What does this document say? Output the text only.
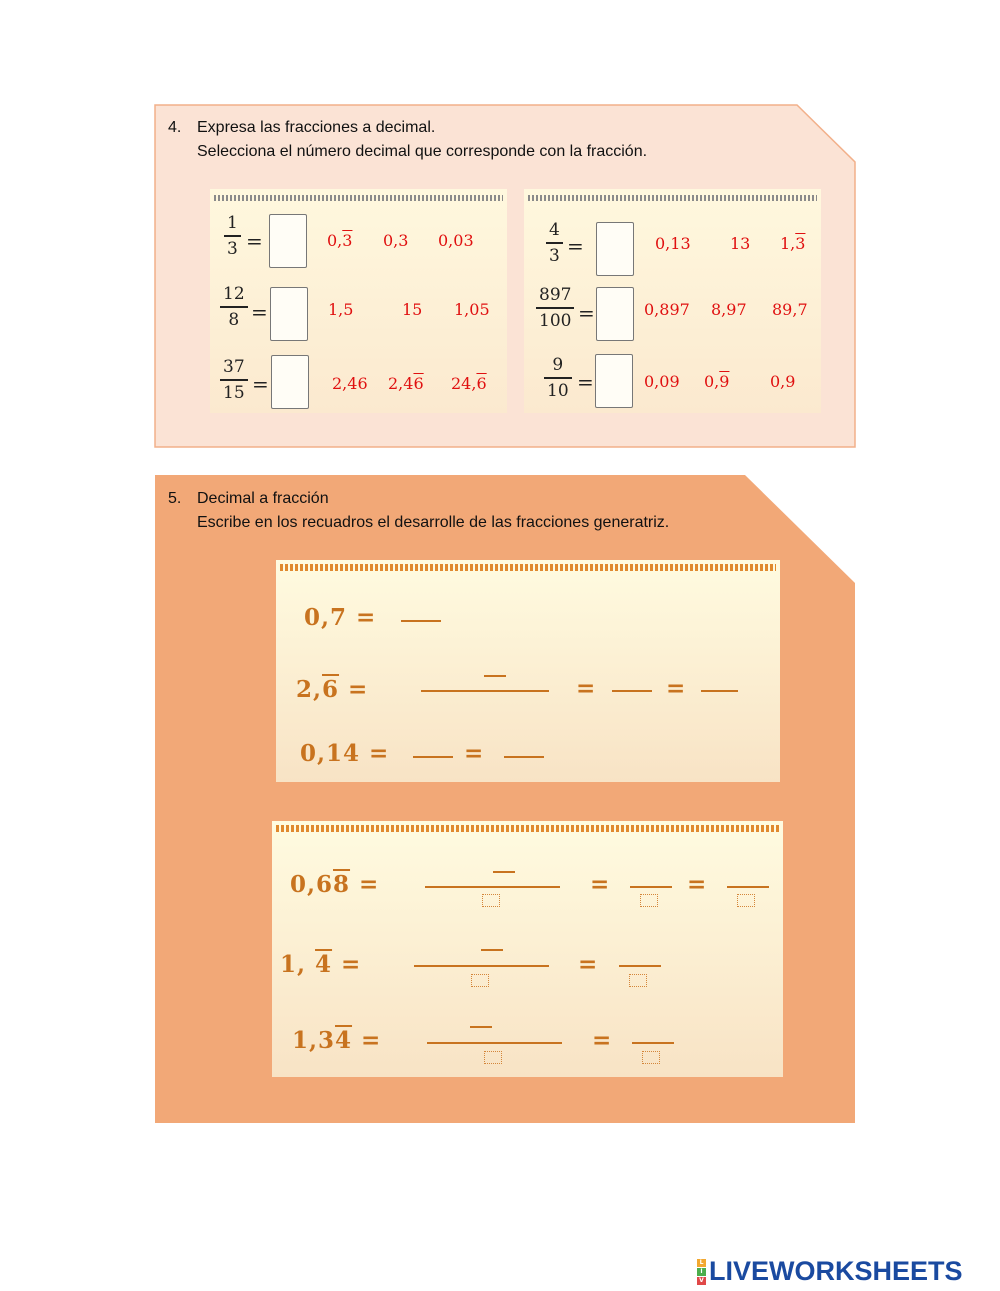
4. Expresa las fracciones a decimal.
Selecciona el número decimal que corresponde con la fracción.
1
3 =	0,3 0,3 0,03
12
8 =	1,5	15 1,05
37
15 =	2,46 2,46 24,6
4
3 =	0,13 13 1,3
897
100 =	0,897 8,97 89,7
9
10 =	0,09 0,9	0,9
5. Decimal a fracción
Escribe en los recuadros el desarrolle de las fracciones generatriz.
0,7 =
2,6 =	=	=
0,14 =	=
0,68 =	=	=
1, 4 =	=
1,34 =	=
L
I
V LIVEWORKSHEETS
